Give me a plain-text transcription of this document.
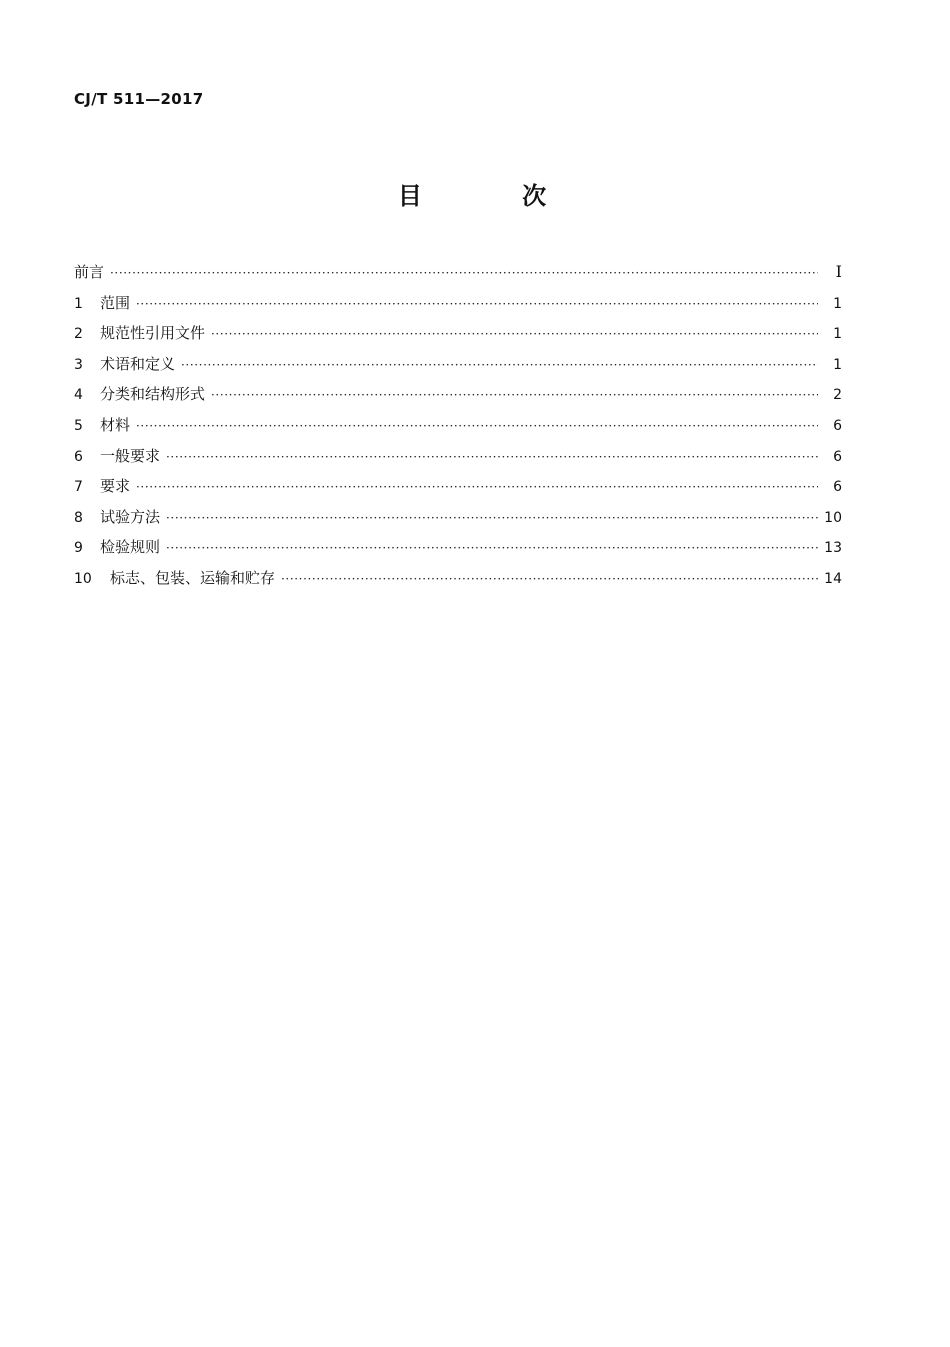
CJ/T 511—2017
目 次
前言 ·····	Ⅰ
1	范围 ·····	1
2	规范性引用文件 ·····	1
3	术语和定义 ·····	1
4	分类和结构形式 ·····	2
5	材料 ·····	6
6	一般要求 ·····	6
7	要求 ·····	6
8	试验方法 ·····	10
9	检验规则 ·····	13
10	标志、包装、运输和贮存 ·····	14
